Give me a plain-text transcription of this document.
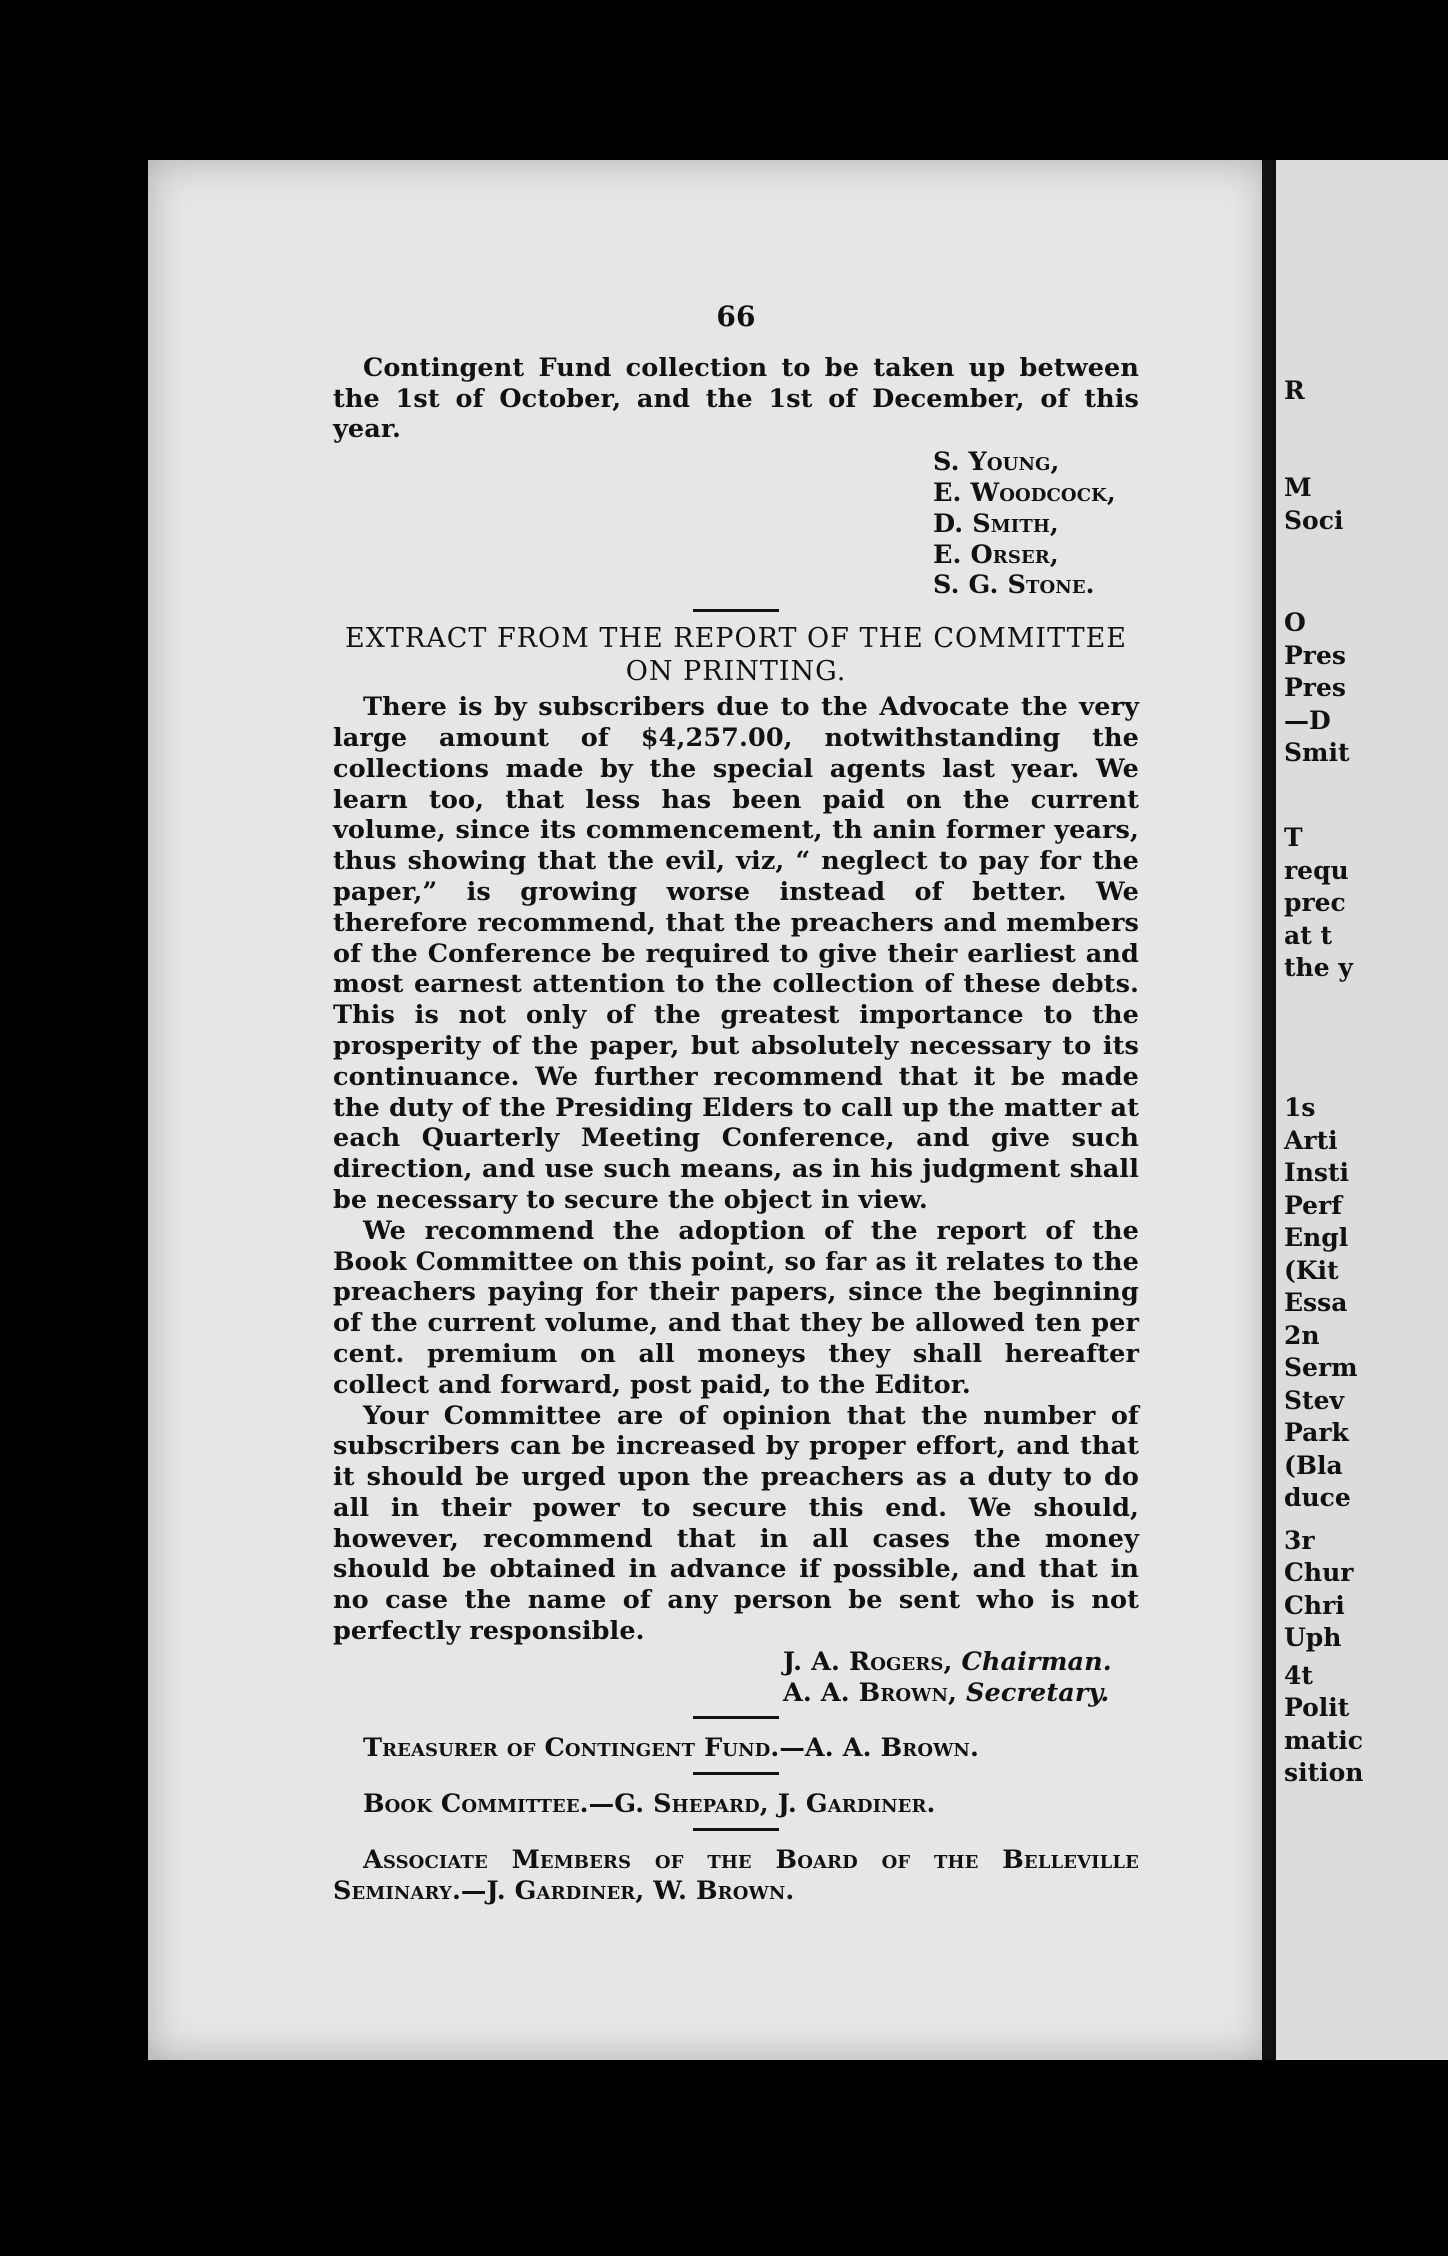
R
M
Soci
O
Pres
Pres
—D
Smit
T
requ
prec
at t
the y
1s
Arti
Insti
Perf
Engl
(Kit
Essa
2n
Serm
Stev
Park
(Bla
duce
3r
Chur
Chri
Uph
4t
Polit
matic
sition
66

Contingent Fund collection to be taken up between the 1st of October, and the 1st of December, of this year.

S. Young,
E. Woodcock,
D. Smith,
E. Orser,
S. G. Stone.
EXTRACT FROM THE REPORT OF THE COMMITTEE
ON PRINTING.

There is by subscribers due to the Advocate the very large amount of $4,257.00, notwithstanding the collections made by the special agents last year. We learn too, that less has been paid on the current volume, since its commencement, th anin former years, thus showing that the evil, viz, “ neglect to pay for the paper,” is growing worse instead of better. We therefore recommend, that the preachers and members of the Conference be required to give their earliest and most earnest attention to the collection of these debts. This is not only of the greatest importance to the prosperity of the paper, but absolutely necessary to its continuance. We further recommend that it be made the duty of the Presiding Elders to call up the matter at each Quarterly Meeting Conference, and give such direction, and use such means, as in his judgment shall be necessary to secure the object in view.

We recommend the adoption of the report of the Book Committee on this point, so far as it relates to the preachers paying for their papers, since the beginning of the current volume, and that they be allowed ten per cent. premium on all moneys they shall hereafter collect and forward, post paid, to the Editor.

Your Committee are of opinion that the number of subscribers can be increased by proper effort, and that it should be urged upon the preachers as a duty to do all in their power to secure this end. We should, however, recommend that in all cases the money should be obtained in advance if possible, and that in no case the name of any person be sent who is not perfectly responsible.

J. A. Rogers, Chairman.
A. A. Brown, Secretary.

Treasurer of Contingent Fund.—A. A. Brown.

Book Committee.—G. Shepard, J. Gardiner.

Associate Members of the Board of the Belleville Seminary.—J. Gardiner, W. Brown.
